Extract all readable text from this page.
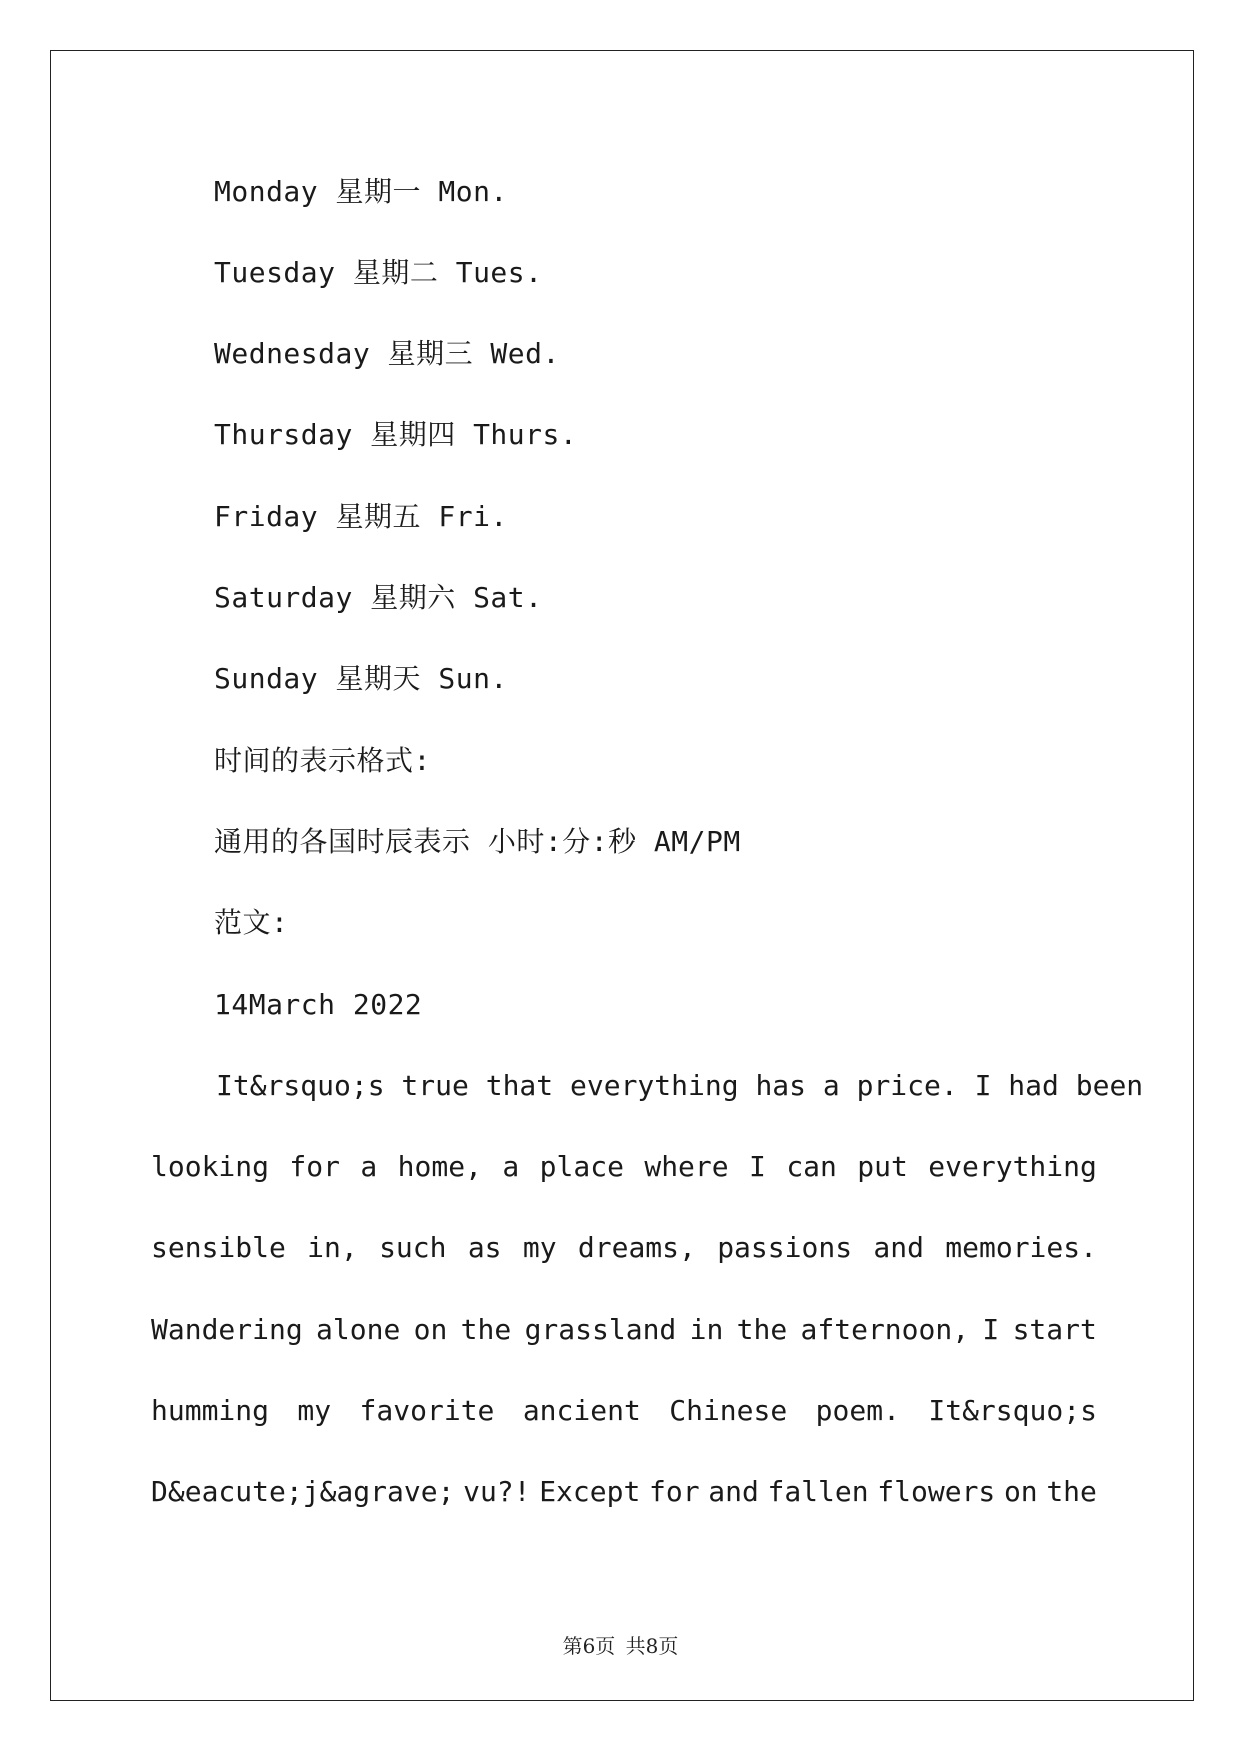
Monday 星期一 Mon.
Tuesday 星期二 Tues.
Wednesday 星期三 Wed.
Thursday 星期四 Thurs.
Friday 星期五 Fri.
Saturday 星期六 Sat.
Sunday 星期天 Sun.
时间的表示格式:
通用的各国时辰表示 小时:分:秒 AM/PM
范文:
14March 2022
It&rsquo;s true that everything has a price. I had been
looking for a home, a place where I can put everything
sensible in, such as my dreams, passions and memories.
Wandering alone on the grassland in the afternoon, I start
humming my favorite ancient Chinese poem. It&rsquo;s
D&eacute;j&agrave; vu?! Except for and fallen flowers on the
第6页 共8页
